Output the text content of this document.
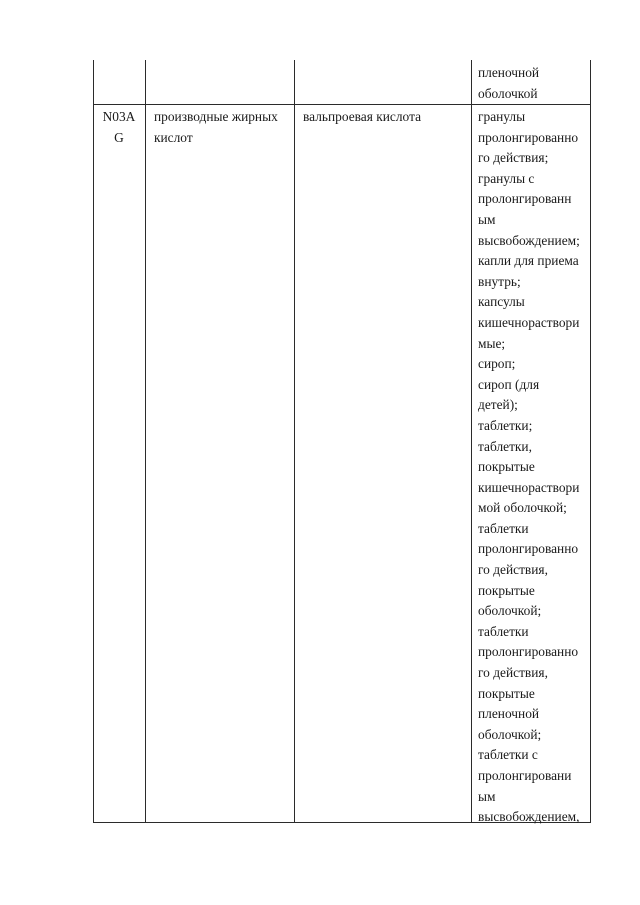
пленочной
оболочкой
N03A
G
производные жирных
кислот
вальпроевая кислота	гранулы
пролонгированно
го действия;
гранулы с
пролонгированн
ым
высвобождением;
капли для приема
внутрь;
капсулы
кишечнораствори
мые;
сироп;
сироп (для
детей);
таблетки;
таблетки,
покрытые
кишечнораствори
мой оболочкой;
таблетки
пролонгированно
го действия,
покрытые
оболочкой;
таблетки
пролонгированно
го действия,
покрытые
пленочной
оболочкой;
таблетки с
пролонгировани
ым
высвобождением,
